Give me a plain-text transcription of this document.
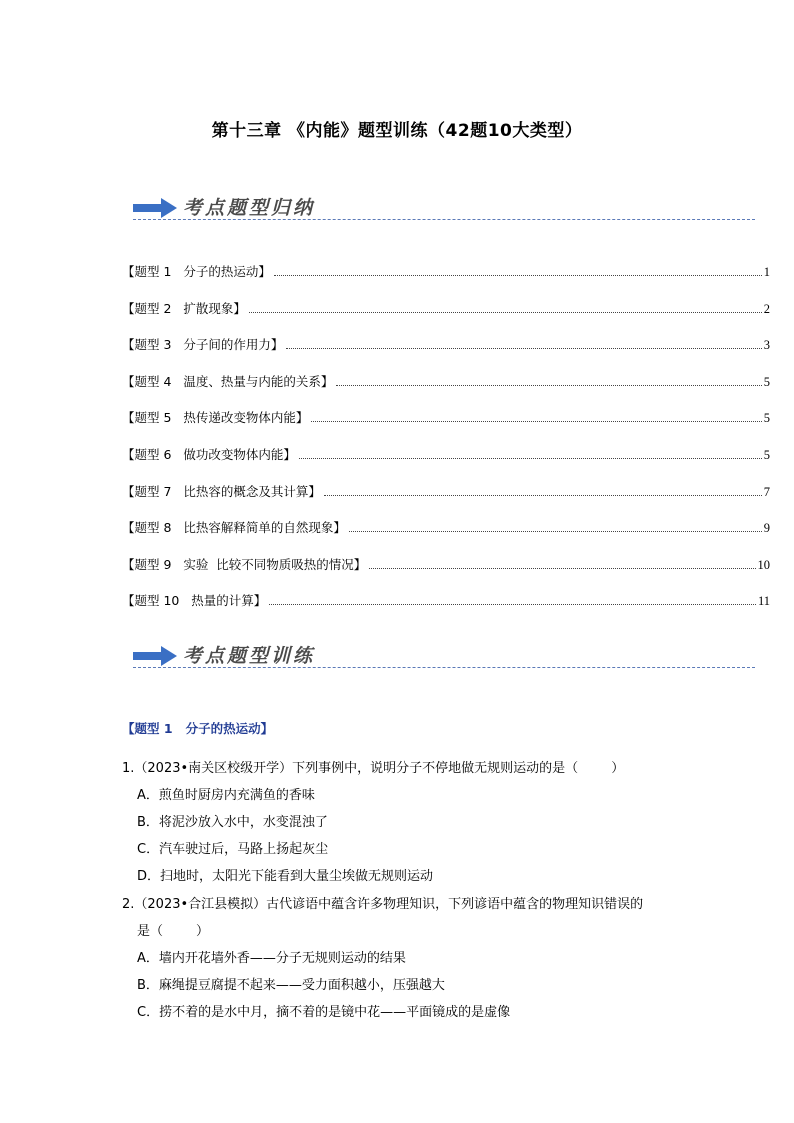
第十三章 《内能》题型训练（42题10大类型）
考点题型归纳
【题型 1   分子的热运动】	1
【题型 2   扩散现象】	2
【题型 3   分子间的作用力】	3
【题型 4   温度、热量与内能的关系】	5
【题型 5   热传递改变物体内能】	5
【题型 6   做功改变物体内能】	5
【题型 7   比热容的概念及其计算】	7
【题型 8   比热容解释简单的自然现象】	9
【题型 9   实验  比较不同物质吸热的情况】	10
【题型 10   热量的计算】	11
考点题型训练
【题型 1   分子的热运动】
1.（2023•南关区校级开学）下列事例中，说明分子不停地做无规则运动的是（        ）
A．煎鱼时厨房内充满鱼的香味
B．将泥沙放入水中，水变混浊了
C．汽车驶过后，马路上扬起灰尘
D．扫地时，太阳光下能看到大量尘埃做无规则运动
2.（2023•合江县模拟）古代谚语中蕴含许多物理知识，下列谚语中蕴含的物理知识错误的
是（        ）
A．墙内开花墙外香——分子无规则运动的结果
B．麻绳提豆腐提不起来——受力面积越小，压强越大
C．捞不着的是水中月，摘不着的是镜中花——平面镜成的是虚像
